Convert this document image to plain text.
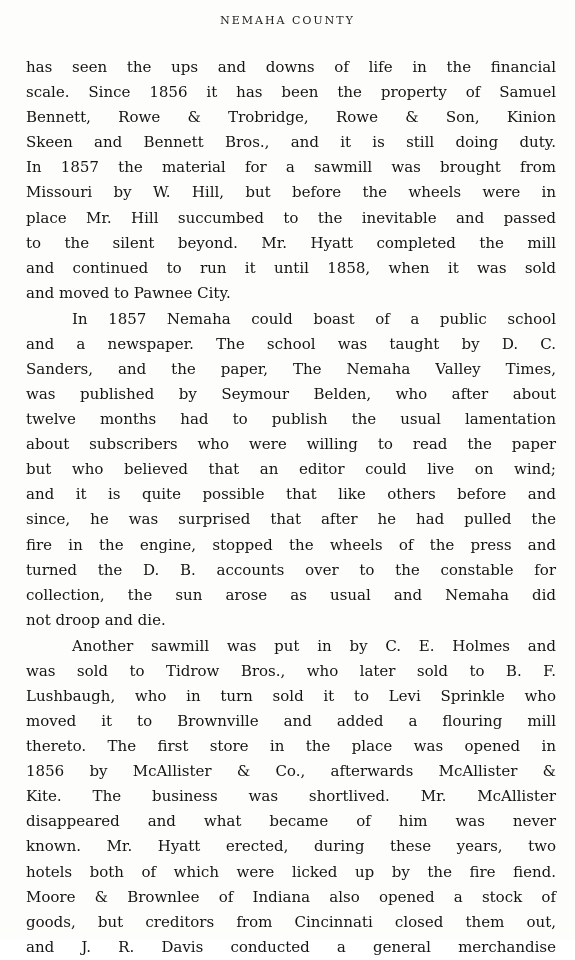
NEMAHA COUNTY

has seen the ups and downs of life in the financial
scale. Since 1856 it has been the property of Samuel
Bennett, Rowe & Trobridge, Rowe & Son, Kinion
Skeen and Bennett Bros., and it is still doing duty.
In 1857 the material for a sawmill was brought from
Missouri by W. Hill, but before the wheels were in
place Mr. Hill succumbed to the inevitable and passed
to the silent beyond. Mr. Hyatt completed the mill
and continued to run it until 1858, when it was sold
and moved to Pawnee City.

In 1857 Nemaha could boast of a public school
and a newspaper. The school was taught by D. C.
Sanders, and the paper, The Nemaha Valley Times,
was published by Seymour Belden, who after about
twelve months had to publish the usual lamentation
about subscribers who were willing to read the paper
but who believed that an editor could live on wind;
and it is quite possible that like others before and
since, he was surprised that after he had pulled the
fire in the engine, stopped the wheels of the press and
turned the D. B. accounts over to the constable for
collection, the sun arose as usual and Nemaha did
not droop and die.

Another sawmill was put in by C. E. Holmes and
was sold to Tidrow Bros., who later sold to B. F.
Lushbaugh, who in turn sold it to Levi Sprinkle who
moved it to Brownville and added a flouring mill
thereto. The first store in the place was opened in
1856 by McAllister & Co., afterwards McAllister &
Kite. The business was shortlived. Mr. McAllister
disappeared and what became of him was never
known. Mr. Hyatt erected, during these years, two
hotels both of which were licked up by the fire fiend.
Moore & Brownlee of Indiana also opened a stock of
goods, but creditors from Cincinnati closed them out,
and J. R. Davis conducted a general merchandise
